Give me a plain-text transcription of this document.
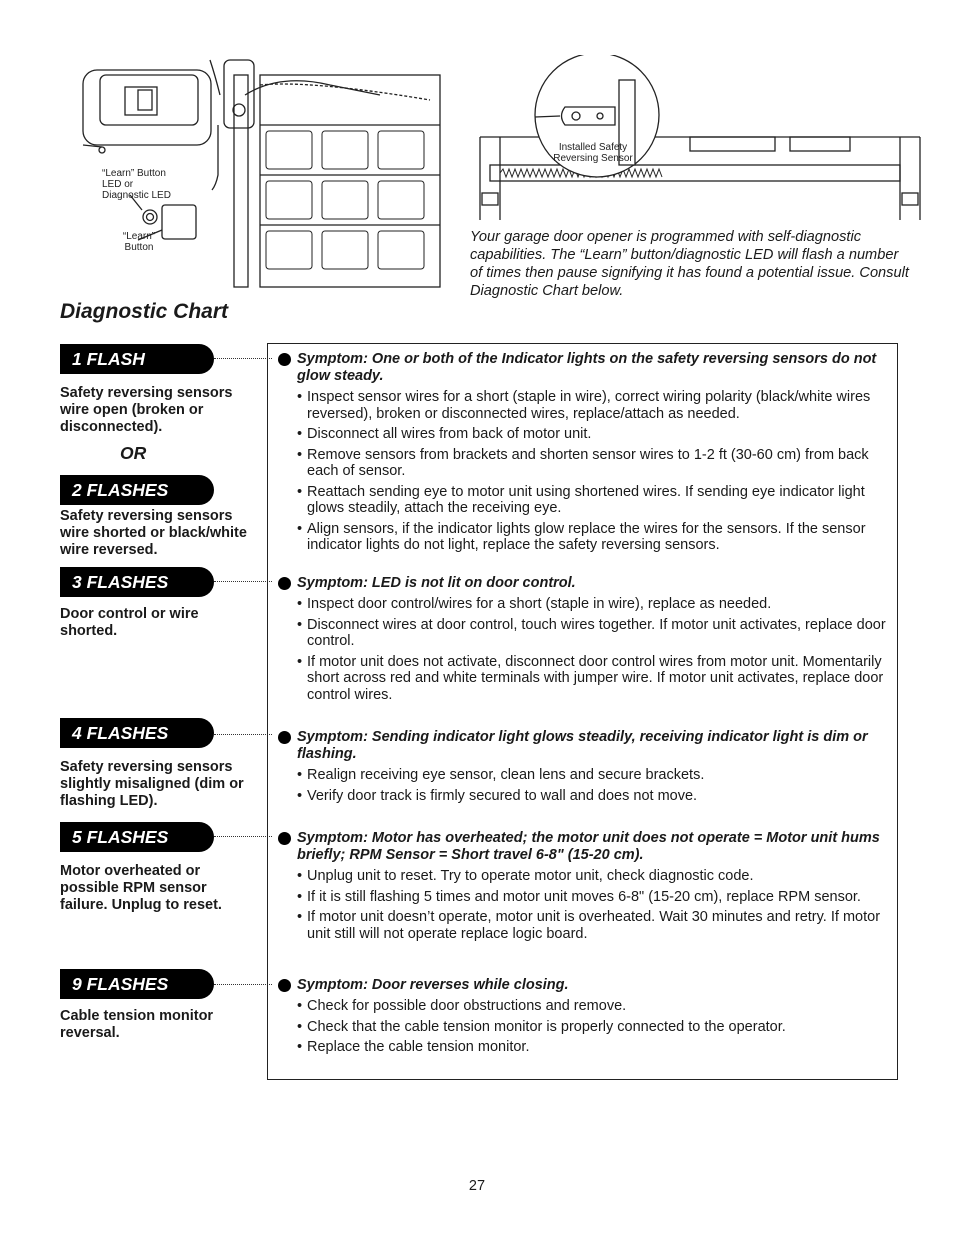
“Learn” Button LED or Diagnostic LED
“Learn” Button
Installed Safety Reversing Sensor
Your garage door opener is programmed with self-diagnostic capabilities. The “Learn” button/diagnostic LED will flash a number of times then pause signifying it has found a potential issue. Consult Diagnostic Chart below.
Diagnostic Chart
1 FLASH
Safety reversing sensors wire open (broken or disconnected).
OR
2 FLASHES
Safety reversing sensors wire shorted or black/white wire reversed.
3 FLASHES
Door control or wire shorted.
4 FLASHES
Safety reversing sensors slightly misaligned (dim or flashing LED).
5 FLASHES
Motor overheated or possible RPM sensor failure. Unplug to reset.
9 FLASHES
Cable tension monitor reversal.
Symptom: One or both of the Indicator lights on the safety reversing sensors do not glow steady.
• Inspect sensor wires for a short (staple in wire), correct wiring polarity (black/white wires reversed), broken or disconnected wires, replace/attach as needed.
• Disconnect all wires from back of motor unit.
• Remove sensors from brackets and shorten sensor wires to 1-2 ft (30-60 cm) from back each of sensor.
• Reattach sending eye to motor unit using shortened wires. If sending eye indicator light glows steadily, attach the receiving eye.
• Align sensors, if the indicator lights glow replace the wires for the sensors. If the sensor indicator lights do not light, replace the safety reversing sensors.
Symptom: LED is not lit on door control.
• Inspect door control/wires for a short (staple in wire), replace as needed.
• Disconnect wires at door control, touch wires together. If motor unit activates, replace door control.
• If motor unit does not activate, disconnect door control wires from motor unit. Momentarily short across red and white terminals with jumper wire. If motor unit activates, replace door control wires.
Symptom: Sending indicator light glows steadily, receiving indicator light is dim or flashing.
• Realign receiving eye sensor, clean lens and secure brackets.
• Verify door track is firmly secured to wall and does not move.
Symptom: Motor has overheated; the motor unit does not operate = Motor unit hums briefly; RPM Sensor = Short travel 6-8" (15-20 cm).
• Unplug unit to reset. Try to operate motor unit, check diagnostic code.
• If it is still flashing 5 times and motor unit moves 6-8" (15-20 cm), replace RPM sensor.
• If motor unit doesn’t operate, motor unit is overheated. Wait 30 minutes and retry. If motor unit still will not operate replace logic board.
Symptom: Door reverses while closing.
• Check for possible door obstructions and remove.
• Check that the cable tension monitor is properly connected to the operator.
• Replace the cable tension monitor.
27
